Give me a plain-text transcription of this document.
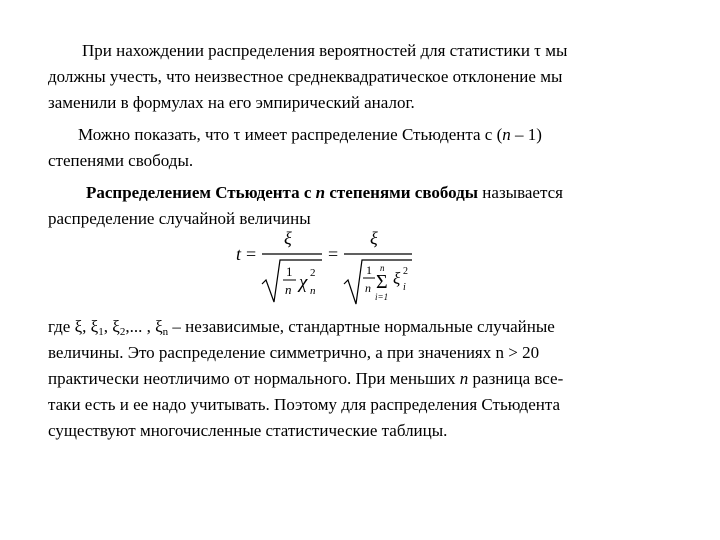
При нахождении распределения вероятностей для статистики τ мы
должны учесть, что неизвестное среднеквадратическое отклонение мы
заменили в формулах на его эмпирический аналог.
Можно показать, что τ имеет распределение Стьюдента с (n – 1)
степенями свободы.
Распределением Стьюдента с n степенями свободы называется
распределение случайной величины
t =
ξ
1
n χ 2
n
=
ξ
1
n
n
Σ
i=1
ξ 2
i
где ξ, $\xi_1$, $\xi_2$,... , $\xi_n$ – независимые, стандартные нормальные случайные
величины. Это распределение симметрично, а при значениях n > 20
практически неотличимо от нормального. При меньших n разница все-
таки есть и ее надо учитывать. Поэтому для распределения Стьюдента
существуют многочисленные статистические таблицы.
